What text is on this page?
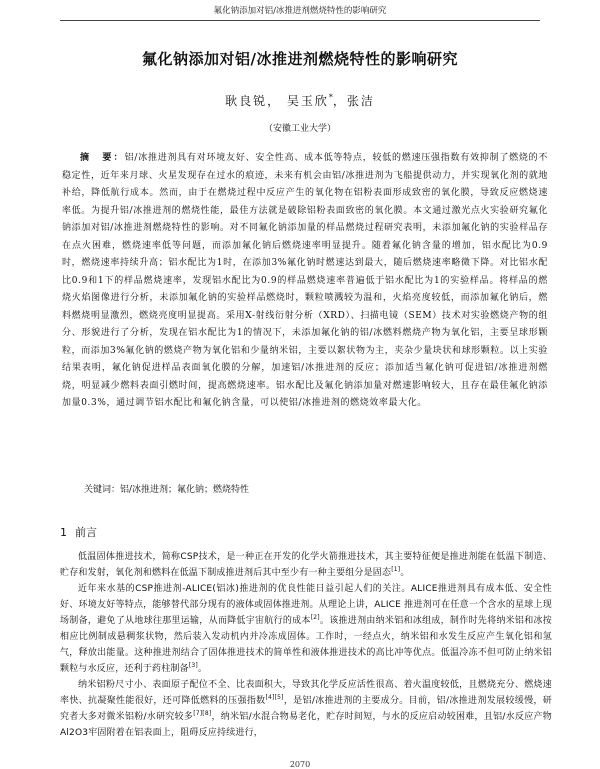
氟化钠添加对铝/冰推进剂燃烧特性的影响研究
氟化钠添加对铝/冰推进剂燃烧特性的影响研究
耿良锐， 吴玉欣*，张洁
（安徽工业大学）
摘　要：铝/冰推进剂具有对环境友好、安全性高、成本低等特点，较低的燃速压强指数有效抑制了燃烧的不稳定性，近年来月球、火星发现存在过水的痕迹，未来有机会由铝/冰推进剂为飞船提供动力，并实现氧化剂的就地补给，降低航行成本。然而，由于在燃烧过程中反应产生的氧化物在铝粉表面形成致密的氧化膜，导致反应燃烧速率低。为提升铝/冰推进剂的燃烧性能，最佳方法就是破除铝粉表面致密的氧化膜。本文通过激光点火实验研究氟化钠添加对铝/冰推进剂燃烧特性的影响。对不同氟化钠添加量的样品燃烧过程研究表明，未添加氟化钠的实验样品存在点火困难，燃烧速率低等问题，而添加氟化钠后燃烧速率明显提升。随着氟化钠含量的增加，铝水配比为0.9时，燃烧速率持续升高；铝水配比为1时，在添加3%氟化钠时燃速达到最大，随后燃烧速率略微下降。对比铝水配比0.9和1下的样品燃烧速率，发现铝水配比为0.9的样品燃烧速率普遍低于铝水配比为1的实验样品。将样品的燃烧火焰图像进行分析，未添加氟化钠的实验样品燃烧时，颗粒喷溅较为温和，火焰亮度较低，而添加氟化钠后，燃料燃烧明显激烈，燃烧亮度明显提高。采用X-射线衍射分析（XRD）、扫描电镜（SEM）技术对实验燃烧产物的组分、形貌进行了分析，发现在铝水配比为1的情况下，未添加氟化钠的铝/冰燃料燃烧产物为氧化铝，主要呈球形颗粒，而添加3%氟化钠的燃烧产物为氧化铝和少量纳米铝，主要以絮状物为主，夹杂少量块状和球形颗粒。以上实验结果表明，氟化钠促进样品表面氧化膜的分解，加速铝/冰推进剂的反应；添加适当氟化钠可促进铝/冰推进剂燃烧，明显减少燃料表面引燃时间，提高燃烧速率。铝水配比及氟化钠添加量对燃速影响较大，且存在最佳氟化钠添加量0.3%，通过调节铝水配比和氟化钠含量，可以使铝/冰推进剂的燃烧效率最大化。
关键词：铝/冰推进剂；氟化钠；燃烧特性
1 前言

低温固体推进技术，简称CSP技术，是一种正在开发的化学火箭推进技术，其主要特征便是推进剂能在低温下制造、贮存和发射，氧化剂和燃料在低温下制成推进剂后其中至少有一种主要组分是固态[1]。

近年来水基的CSP推进剂-ALICE(铝冰)推进剂的优良性能日益引起人们的关注。ALICE推进剂具有成本低、安全性好、环境友好等特点，能够替代部分现有的液体或固体推进剂。从理论上讲，ALICE 推进剂可在任意一个含水的星球上现场制备，避免了从地球往那里运输，从而降低宇宙航行的成本[2]。该推进剂由纳米铝和冰组成，制作时先将纳米铝和冰按相应比例制成悬稠浆状物，然后装入发动机内并冷冻成固体。工作时，一经点火，纳米铝和水发生反应产生氧化铝和氢气，释放出能量。这种推进剂结合了固体推进技术的简单性和液体推进技术的高比冲等优点。低温冷冻不但可防止纳米铝颗粒与水反应，还利于药柱制备[3]。

纳米铝粉尺寸小、表面原子配位不全、比表面积大，导致其化学反应活性很高、着火温度较低，且燃烧充分、燃烧速率快、抗凝聚性能很好，还可降低燃料的压强指数[4][5]，是铝/冰推进剂的主要成分。目前，铝/冰推进剂发展较缓慢，研究者大多对微米铝粉/水研究较多[7][8]，纳米铝/水混合物易老化，贮存时间短，与水的反应启动较困难，且铝/水反应产物Al2O3牢固附着在铝表面上，阻碍反应持续进行，

2070
